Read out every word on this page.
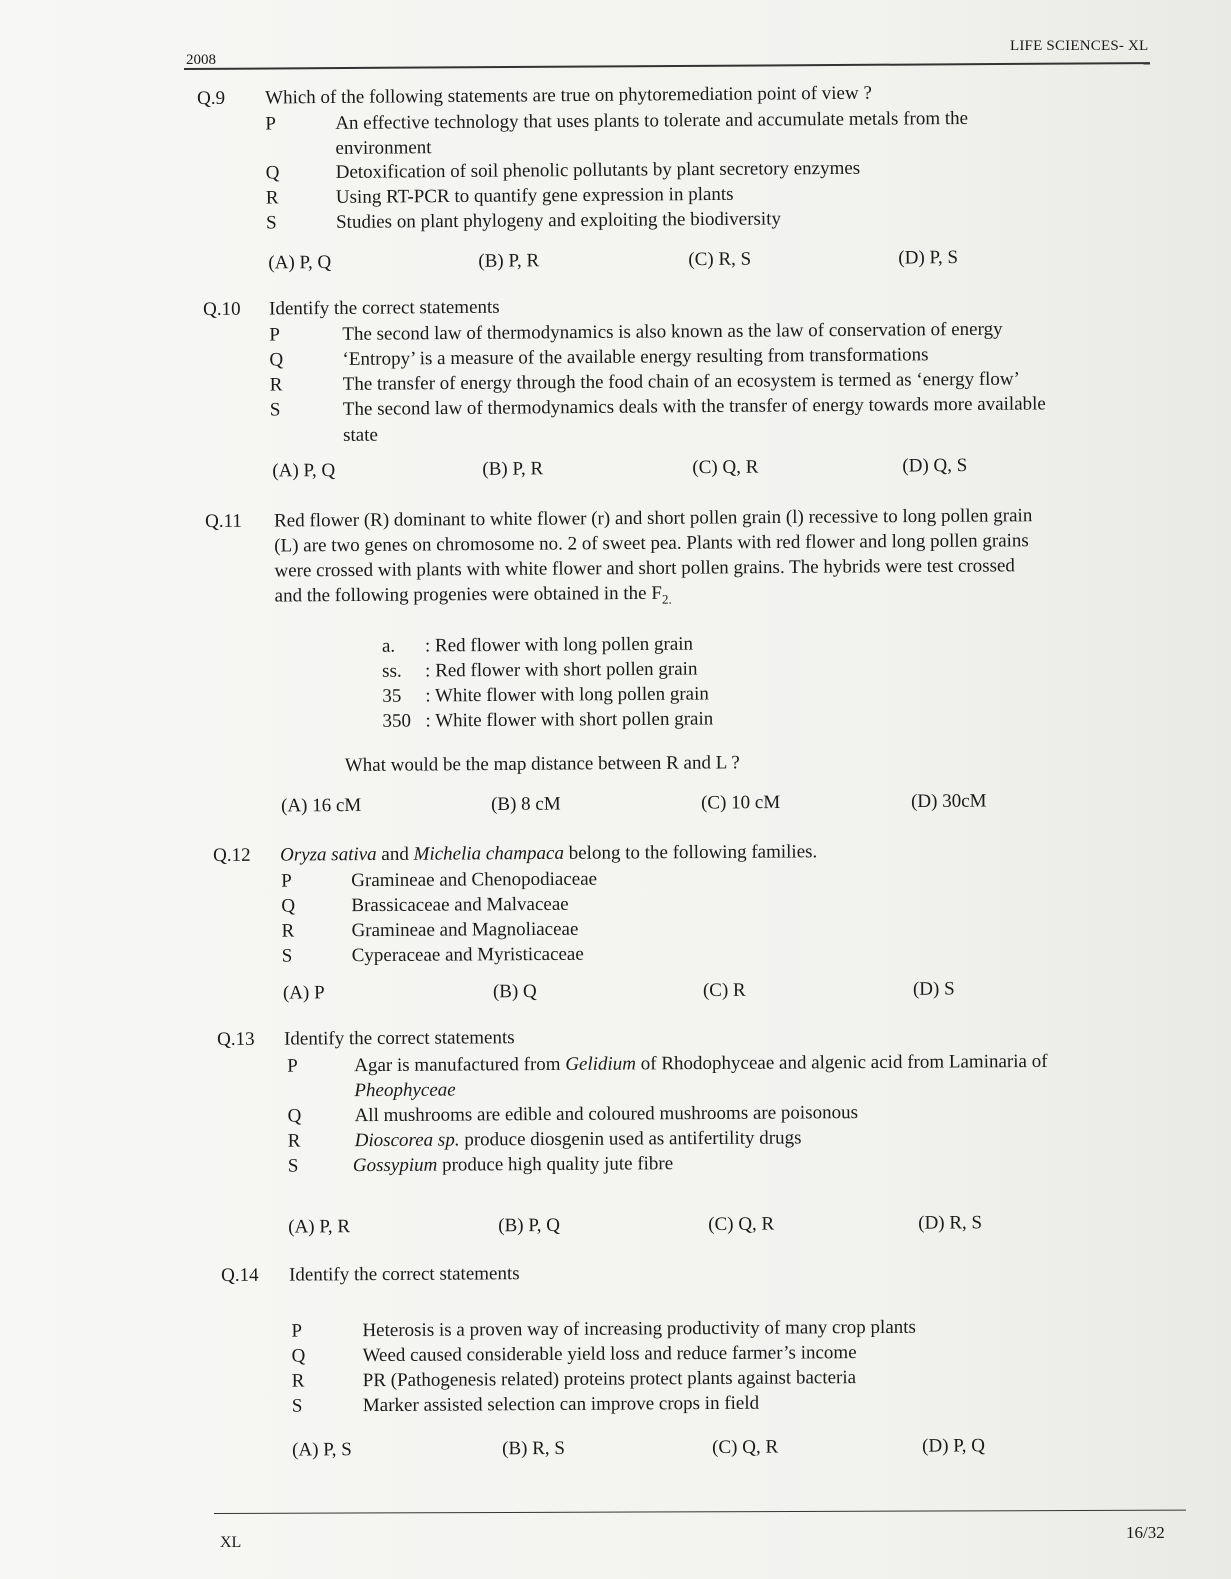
2008
LIFE SCIENCES- XL
Q.9 Which of the following statements are true on phytoremediation point of view ?
P	An effective technology that uses plants to tolerate and accumulate metals from the
environment
Q	Detoxification of soil phenolic pollutants by plant secretory enzymes
R	Using RT-PCR to quantify gene expression in plants
S	Studies on plant phylogeny and exploiting the biodiversity
(A) P, Q	(B) P, R	(C) R, S	(D) P, S
Q.10 Identify the correct statements
P	The second law of thermodynamics is also known as the law of conservation of energy
Q	‘Entropy’ is a measure of the available energy resulting from transformations
R	The transfer of energy through the food chain of an ecosystem is termed as ‘energy flow’
S	The second law of thermodynamics deals with the transfer of energy towards more available
state
(A) P, Q	(B) P, R	(C) Q, R	(D) Q, S
Q.11 Red flower (R) dominant to white flower (r) and short pollen grain (l) recessive to long pollen grain
(L) are two genes on chromosome no. 2 of sweet pea. Plants with red flower and long pollen grains
were crossed with plants with white flower and short pollen grains. The hybrids were test crossed
and the following progenies were obtained in the $F_{2.}$
a. : Red flower with long pollen grain
ss. : Red flower with short pollen grain
35 : White flower with long pollen grain
350 : White flower with short pollen grain
What would be the map distance between R and L ?
(A) 16 cM	(B) 8 cM	(C) 10 cM	(D) 30cM
Q.12 Oryza sativa and Michelia champaca belong to the following families.
P	Gramineae and Chenopodiaceae
Q	Brassicaceae and Malvaceae
R	Gramineae and Magnoliaceae
S	Cyperaceae and Myristicaceae
(A) P	(B) Q	(C) R	(D) S
Q.13 Identify the correct statements
P	Agar is manufactured from Gelidium of Rhodophyceae and algenic acid from Laminaria of
Pheophyceae
Q	All mushrooms are edible and coloured mushrooms are poisonous
R	Dioscorea sp. produce diosgenin used as antifertility drugs
S	Gossypium produce high quality jute fibre
(A) P, R	(B) P, Q	(C) Q, R	(D) R, S
Q.14 Identify the correct statements
P	Heterosis is a proven way of increasing productivity of many crop plants
Q	Weed caused considerable yield loss and reduce farmer’s income
R	PR (Pathogenesis related) proteins protect plants against bacteria
S	Marker assisted selection can improve crops in field
(A) P, S	(B) R, S	(C) Q, R	(D) P, Q
XL
16/32
